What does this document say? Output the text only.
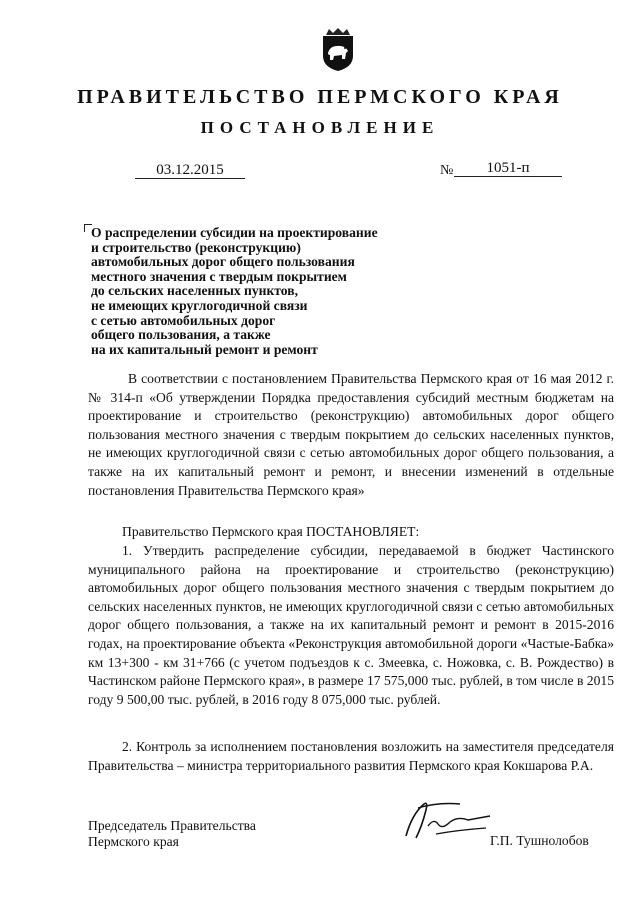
ПРАВИТЕЛЬСТВО ПЕРМСКОГО КРАЯ
ПОСТАНОВЛЕНИЕ
03.12.2015	№	1051-п
О распределении субсидии на проектирование
и строительство (реконструкцию)
автомобильных дорог общего пользования
местного значения с твердым покрытием
до сельских населенных пунктов,
не имеющих круглогодичной связи
с сетью автомобильных дорог
общего пользования, а также
на их капитальный ремонт и ремонт
В соответствии с постановлением Правительства Пермского края от 16 мая 2012 г. № 314-п «Об утверждении Порядка предоставления субсидий местным бюджетам на проектирование и строительство (реконструкцию) автомобильных дорог общего пользования местного значения с твердым покрытием до сельских населенных пунктов, не имеющих круглогодичной связи с сетью автомобильных дорог общего пользования, а также на их капитальный ремонт и ремонт, и внесении изменений в отдельные постановления Правительства Пермского края»
Правительство Пермского края ПОСТАНОВЛЯЕТ:
1. Утвердить распределение субсидии, передаваемой в бюджет Частинского муниципального района на проектирование и строительство (реконструкцию) автомобильных дорог общего пользования местного значения с твердым покрытием до сельских населенных пунктов, не имеющих круглогодичной связи с сетью автомобильных дорог общего пользования, а также на их капитальный ремонт и ремонт в 2015-2016 годах, на проектирование объекта «Реконструкция автомобильной дороги «Частые-Бабка» км 13+300 - км 31+766 (с учетом подъездов к с. Змеевка, с. Ножовка, с. В. Рождество) в Частинском районе Пермского края», в размере 17 575,000 тыс. рублей, в том числе в 2015 году 9 500,00 тыс. рублей, в 2016 году 8 075,000 тыс. рублей.
2. Контроль за исполнением постановления возложить на заместителя председателя Правительства – министра территориального развития Пермского края Кокшарова Р.А.
Председатель Правительства
Пермского края	Г.П. Тушнолобов
